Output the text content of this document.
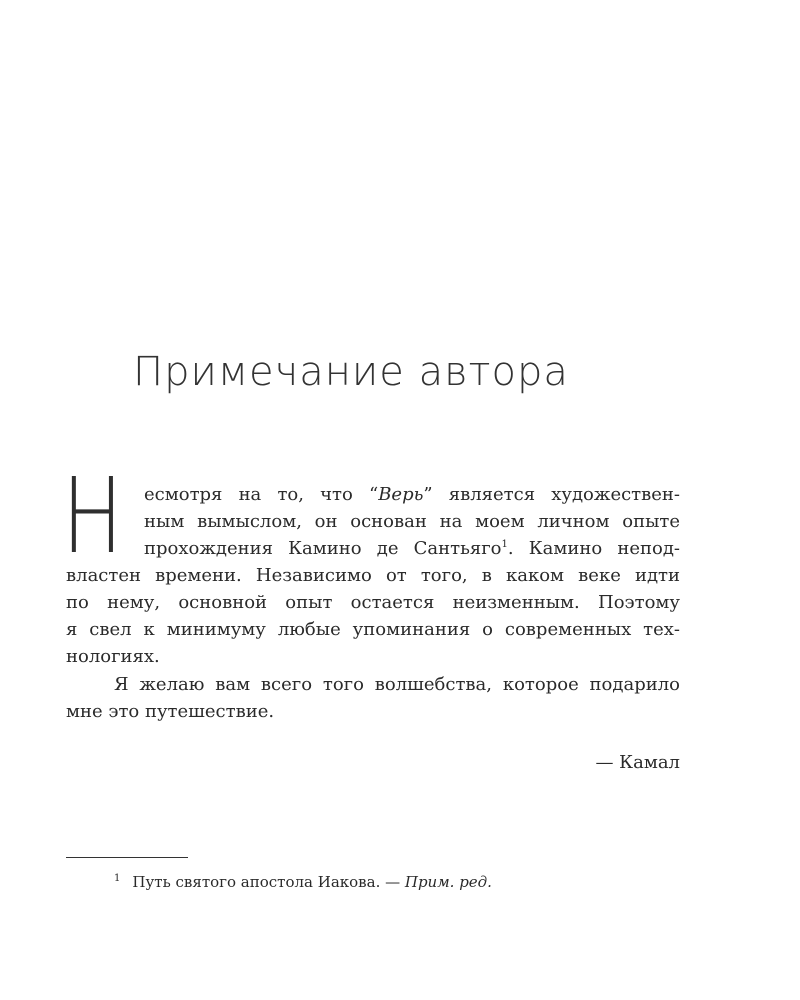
Примечание автора
Н	есмотря на то, что “Верь” является художествен-
ным вымыслом, он основан на моем личном опыте
прохождения Камино де Сантьяго$^1$. Камино непод-
властен времени. Независимо от того, в каком веке идти
по нему, основной опыт остается неизменным. Поэтому
я свел к минимуму любые упоминания о современных тех-
нологиях.
Я желаю вам всего того волшебства, которое подарило
мне это путешествие.
— Камал
$^1$ Путь святого апостола Иакова. — Прим. ред.
